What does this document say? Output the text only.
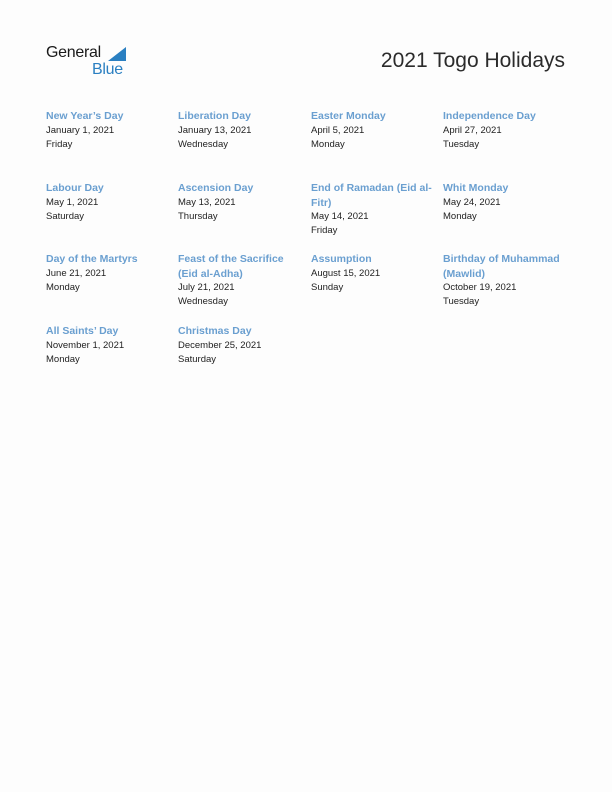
General
Blue	2021 Togo Holidays
New Year’s Day
January 1, 2021
Friday
Liberation Day
January 13, 2021
Wednesday
Easter Monday
April 5, 2021
Monday
Independence Day
April 27, 2021
Tuesday
Labour Day
May 1, 2021
Saturday
Ascension Day
May 13, 2021
Thursday
End of Ramadan (Eid al-Fitr)
May 14, 2021
Friday
Whit Monday
May 24, 2021
Monday
Day of the Martyrs
June 21, 2021
Monday
Feast of the Sacrifice (Eid al-Adha)
July 21, 2021
Wednesday
Assumption
August 15, 2021
Sunday
Birthday of Muhammad (Mawlid)
October 19, 2021
Tuesday
All Saints’ Day
November 1, 2021
Monday
Christmas Day
December 25, 2021
Saturday
